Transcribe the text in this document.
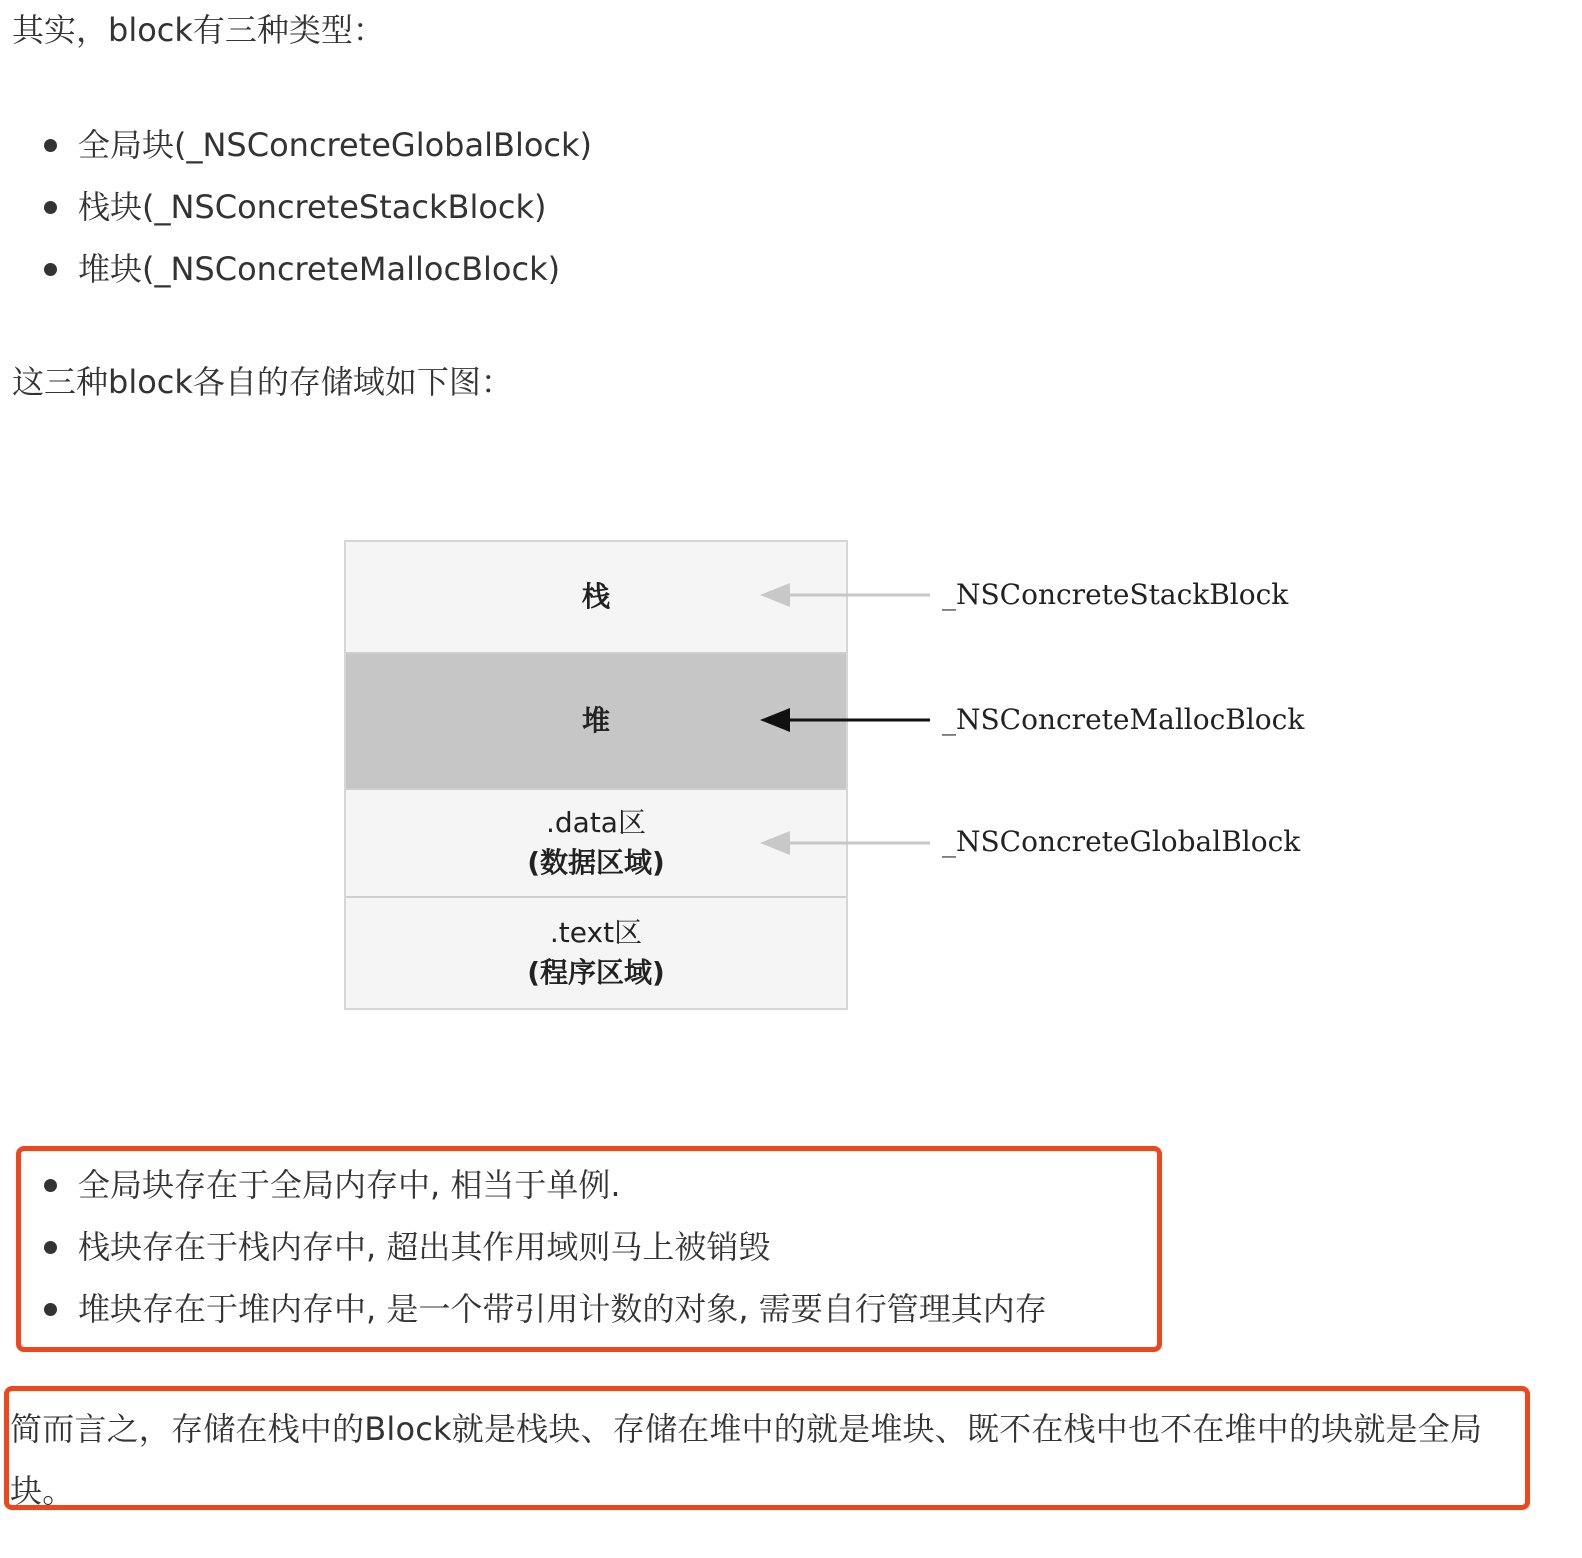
其实，block有三种类型：

全局块(_NSConcreteGlobalBlock)
栈块(_NSConcreteStackBlock)
堆块(_NSConcreteMallocBlock)

这三种block各自的存储域如下图：

栈
堆
.data区
(数据区域)
.text区
(程序区域)
_NSConcreteStackBlock
_NSConcreteMallocBlock
_NSConcreteGlobalBlock
全局块存在于全局内存中, 相当于单例.
栈块存在于栈内存中, 超出其作用域则马上被销毁
堆块存在于堆内存中, 是一个带引用计数的对象, 需要自行管理其内存

简而言之，存储在栈中的Block就是栈块、存储在堆中的就是堆块、既不在栈中也不在堆中的块就是全局块。
